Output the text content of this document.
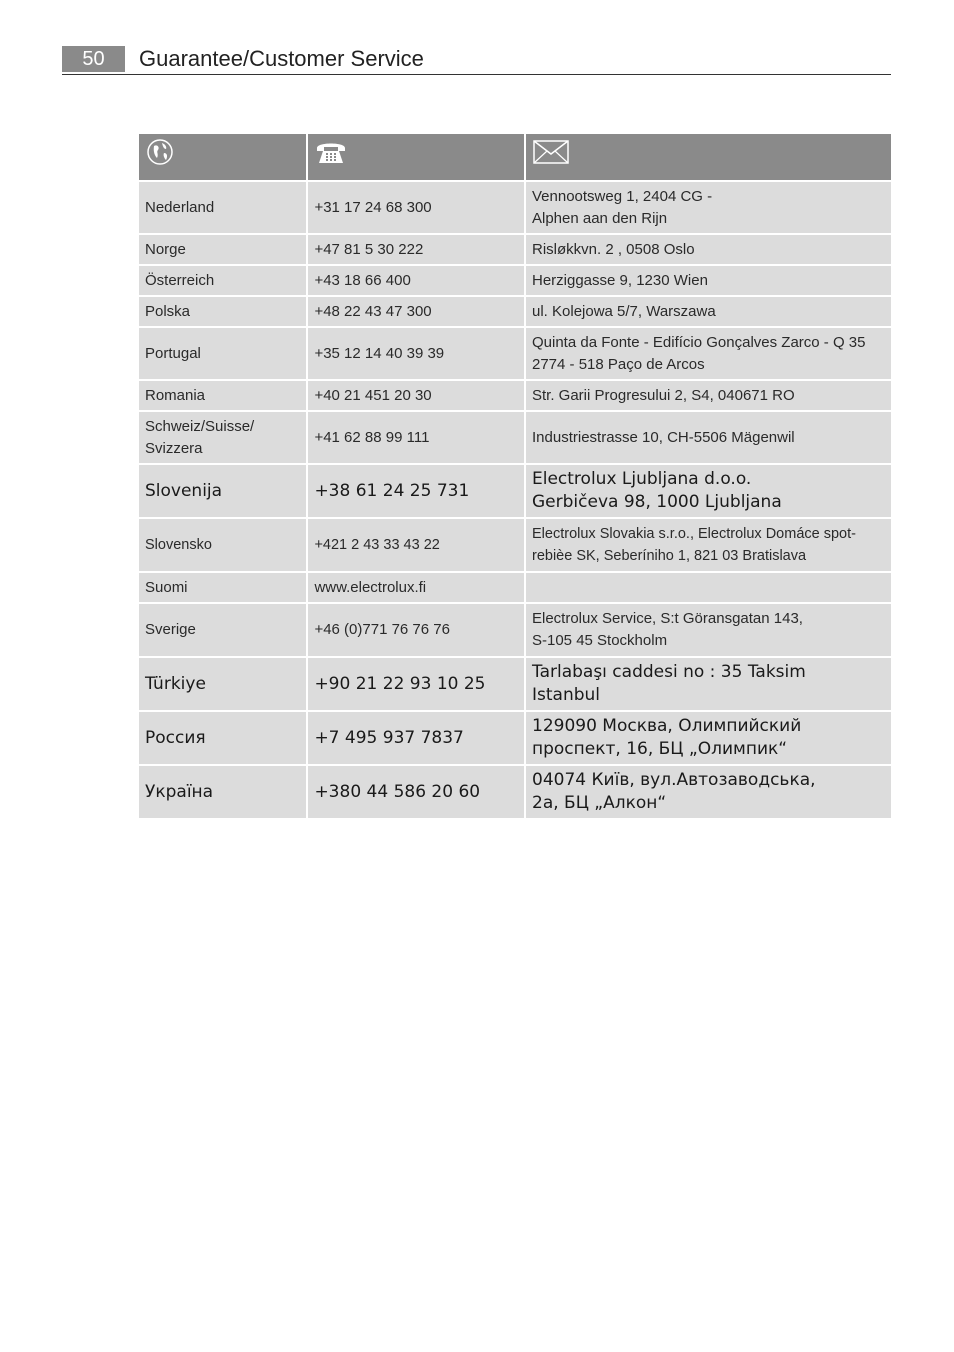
50	Guarantee/Customer Service

Nederland	+31 17 24 68 300	Vennootsweg 1, 2404 CG -
Alphen aan den Rijn

Norge	+47 81 5 30 222	Risløkkvn. 2 , 0508 Oslo

Österreich	+43 18 66 400	Herziggasse 9, 1230 Wien

Polska	+48 22 43 47 300	ul. Kolejowa 5/7, Warszawa

Portugal	+35 12 14 40 39 39	Quinta da Fonte - Edifício Gonçalves Zarco - Q 35
2774 - 518 Paço de Arcos

Romania	+40 21 451 20 30	Str. Garii Progresului 2, S4, 040671 RO

Schweiz/Suisse/
Svizzera	+41 62 88 99 111	Industriestrasse 10, CH-5506 Mägenwil

Slovenija	+38 61 24 25 731	Electrolux Ljubljana d.o.o.
Gerbičeva 98, 1000 Ljubljana

Slovensko	+421 2 43 33 43 22	Electrolux Slovakia s.r.o., Electrolux Domáce spot-
rebièe SK, Seberíniho 1, 821 03 Bratislava

Suomi	www.electrolux.fi	

Sverige	+46 (0)771 76 76 76	Electrolux Service, S:t Göransgatan 143,
S-105 45 Stockholm

Türkiye	+90 21 22 93 10 25	Tarlabaşı caddesi no : 35 Taksim
Istanbul

Россия	+7 495 937 7837	129090 Москва, Олимпийский
проспект, 16, БЦ „Олимпик“

Україна	+380 44 586 20 60	04074 Київ, вул.Автозаводська,
2а, БЦ „Алкон“
